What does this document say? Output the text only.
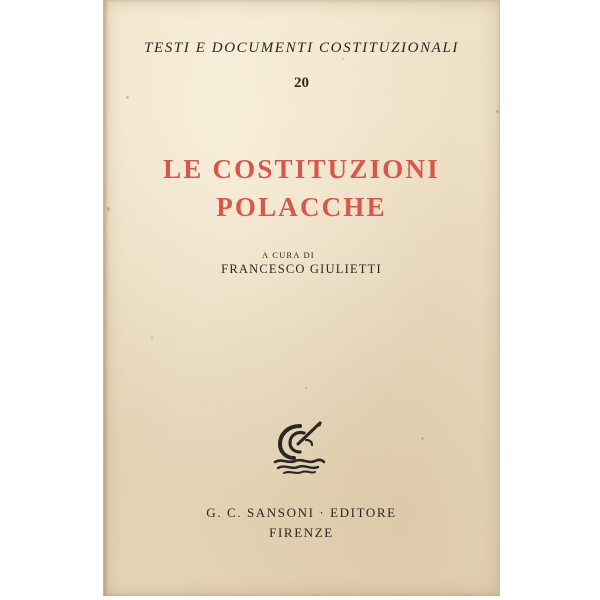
TESTI E DOCUMENTI COSTITUZIONALI
20
LE COSTITUZIONI
POLACCHE
A CURA DI
FRANCESCO GIULIETTI
G. C. SANSONI · EDITORE
FIRENZE
